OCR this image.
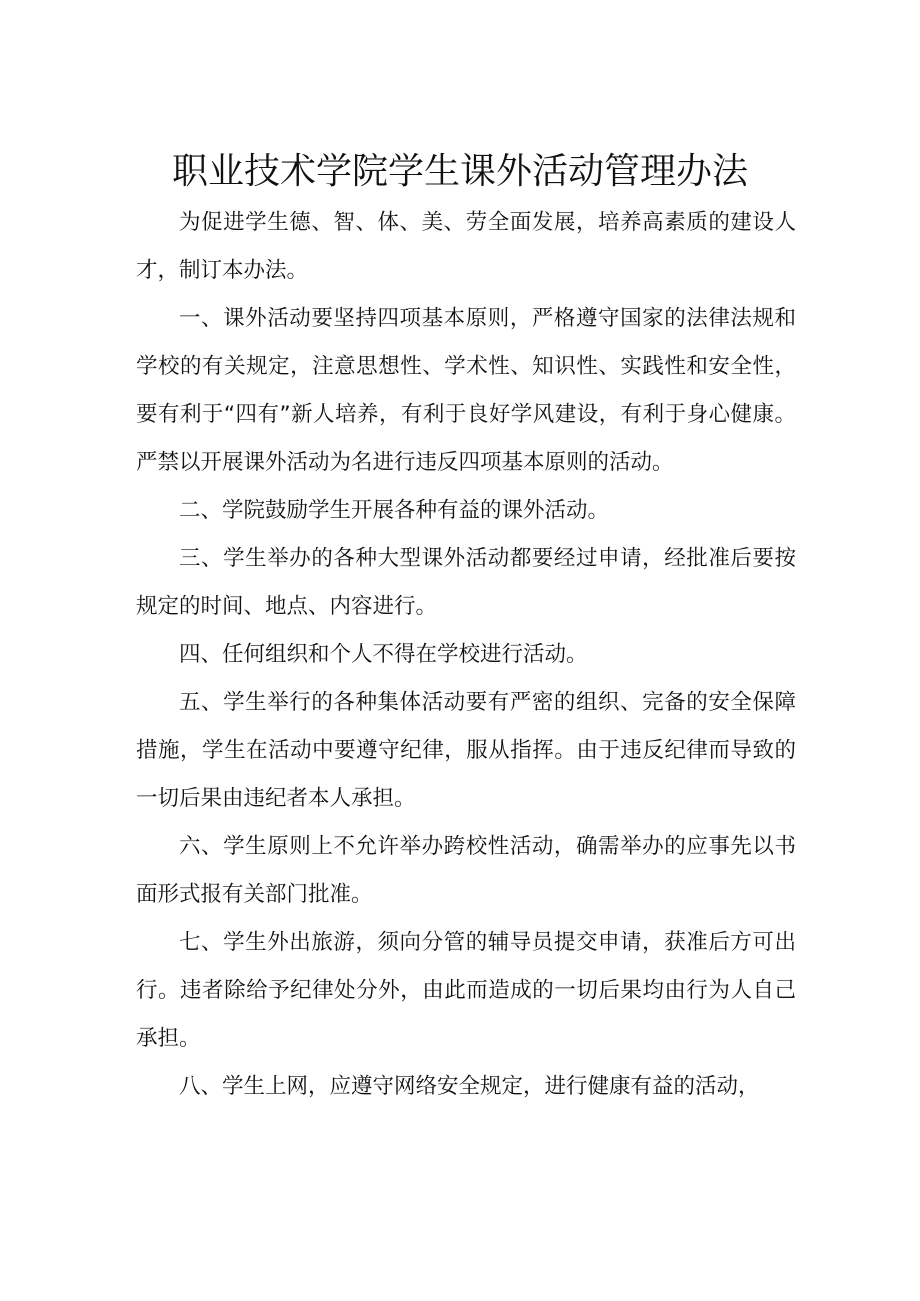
职业技术学院学生课外活动管理办法

为促进学生德、智、体、美、劳全面发展，培养高素质的建设人才，制订本办法。

一、课外活动要坚持四项基本原则，严格遵守国家的法律法规和学校的有关规定，注意思想性、学术性、知识性、实践性和安全性，要有利于“四有”新人培养，有利于良好学风建设，有利于身心健康。严禁以开展课外活动为名进行违反四项基本原则的活动。

二、学院鼓励学生开展各种有益的课外活动。

三、学生举办的各种大型课外活动都要经过申请，经批准后要按规定的时间、地点、内容进行。

四、任何组织和个人不得在学校进行活动。

五、学生举行的各种集体活动要有严密的组织、完备的安全保障措施，学生在活动中要遵守纪律，服从指挥。由于违反纪律而导致的一切后果由违纪者本人承担。

六、学生原则上不允许举办跨校性活动，确需举办的应事先以书面形式报有关部门批准。

七、学生外出旅游，须向分管的辅导员提交申请，获准后方可出行。违者除给予纪律处分外，由此而造成的一切后果均由行为人自己承担。

八、学生上网，应遵守网络安全规定，进行健康有益的活动，
